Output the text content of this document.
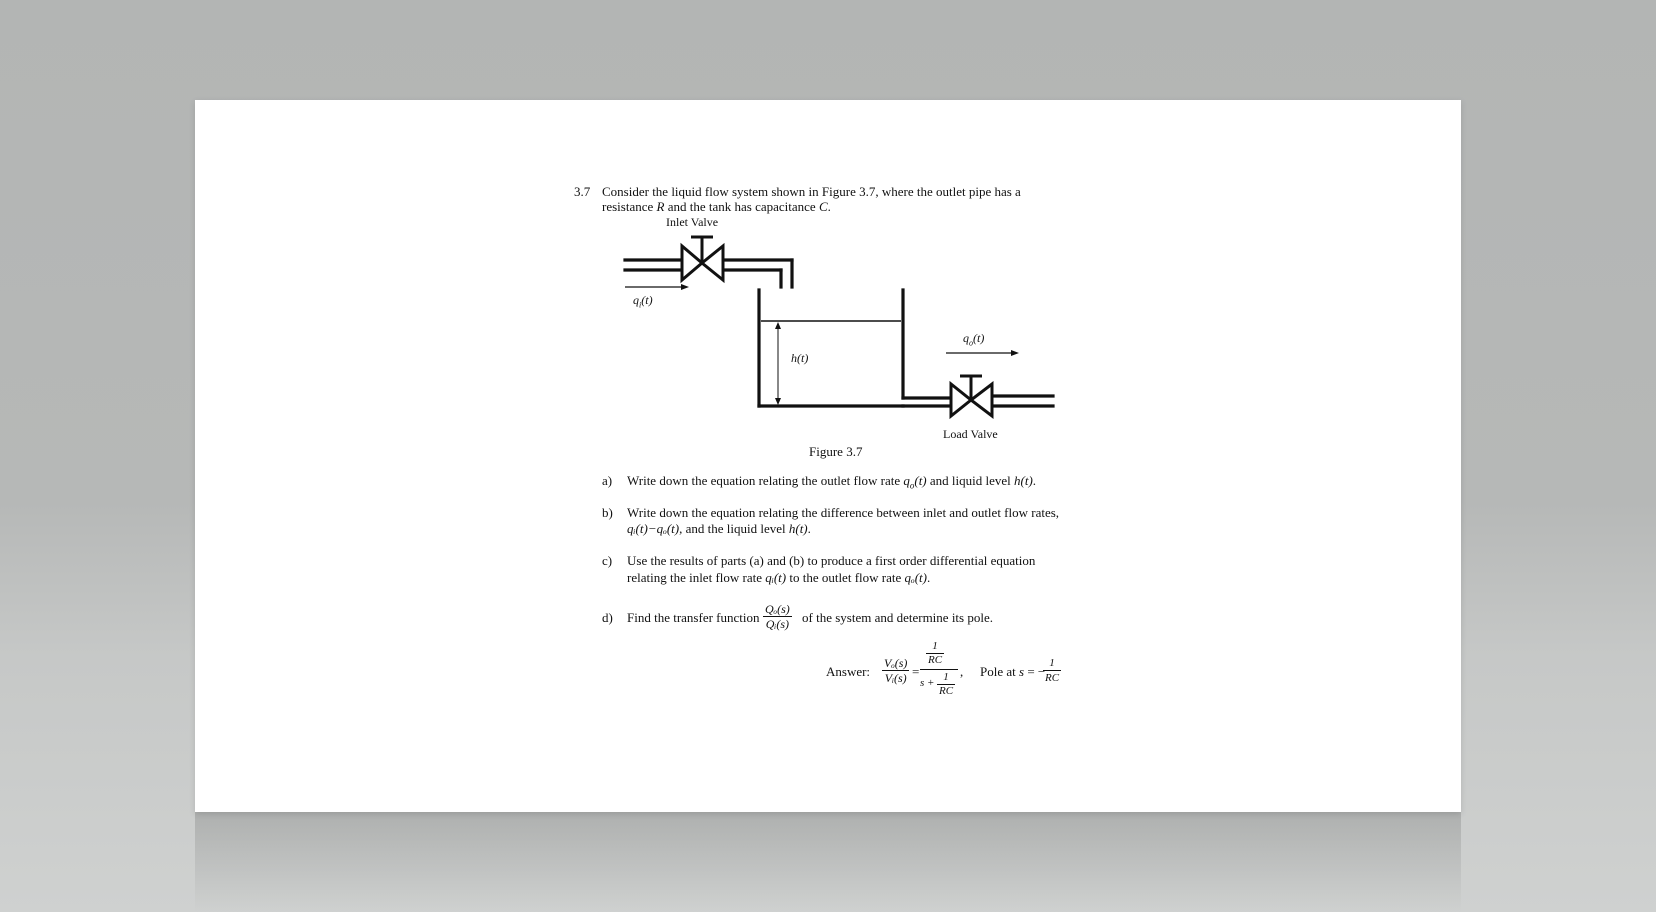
3.7 Consider the liquid flow system shown in Figure 3.7, where the outlet pipe has a
resistance R and the tank has capacitance C.
Inlet Valve
Load Valve
$q_i(t)$
$q_o(t)$
h(t)
Figure 3.7
a) Write down the equation relating the outlet flow rate $q_o(t)$ and liquid level h(t).
b) Write down the equation relating the difference between inlet and outlet flow rates,
qᵢ(t)−qₒ(t), and the liquid level h(t).
c) Use the results of parts (a) and (b) to produce a first order differential equation
relating the inlet flow rate qᵢ(t) to the outlet flow rate qₒ(t).
d) Find the transfer function $\frac{\text{Qₒ(s)}}{\text{Qᵢ(s)}}$ of the system and determine its pole.
Answer: $\frac{\text{Vₒ(s)}}{\text{Vᵢ(s)}}$ =
$\frac{1}{RC}$
$s + \frac{1}{RC}$ , Pole at s = −
$\frac{1}{RC}$
